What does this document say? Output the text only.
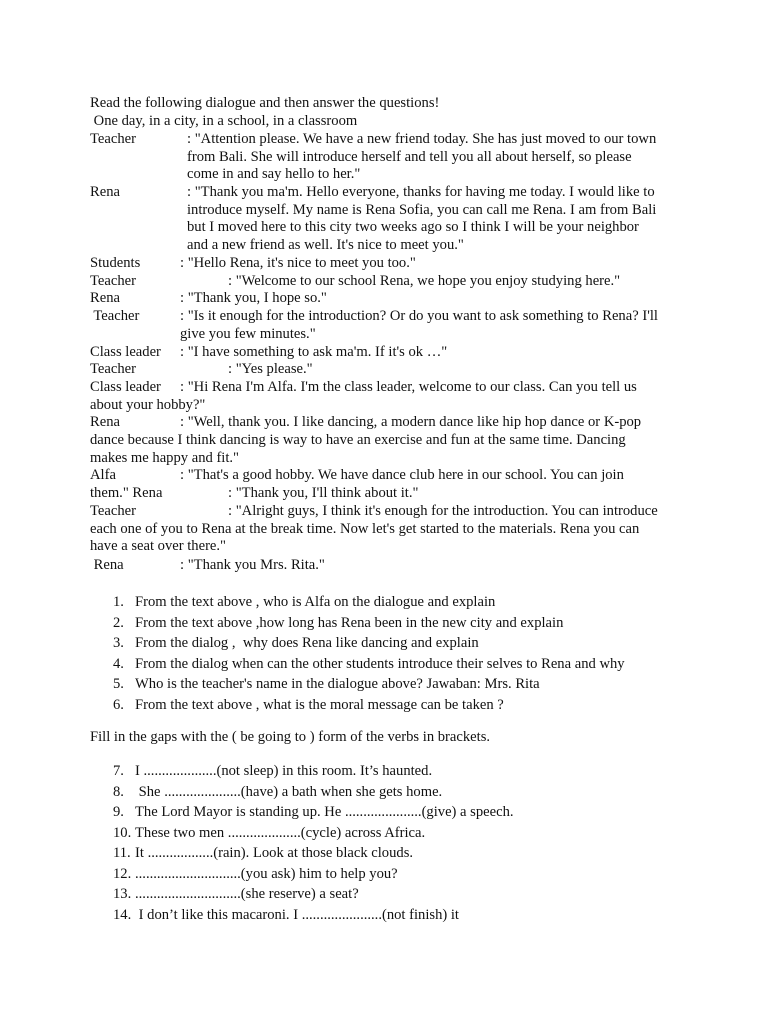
Read the following dialogue and then answer the questions!
One day, in a city, in a school, in a classroom
Teacher	: "Attention please. We have a new friend today. She has just moved to our town
from Bali. She will introduce herself and tell you all about herself, so please
come in and say hello to her."
Rena	: "Thank you ma'm. Hello everyone, thanks for having me today. I would like to
introduce myself. My name is Rena Sofia, you can call me Rena. I am from Bali
but I moved here to this city two weeks ago so I think I will be your neighbor
and a new friend as well. It's nice to meet you."
Students	: "Hello Rena, it's nice to meet you too."
Teacher	: "Welcome to our school Rena, we hope you enjoy studying here."
Rena	: "Thank you, I hope so."
Teacher	: "Is it enough for the introduction? Or do you want to ask something to Rena? I'll
give you few minutes."
Class leader : "I have something to ask ma'm. If it's ok …"
Teacher	: "Yes please."
Class leader : "Hi Rena I'm Alfa. I'm the class leader, welcome to our class. Can you tell us
about your hobby?"
Rena	: "Well, thank you. I like dancing, a modern dance like hip hop dance or K-pop
dance because I think dancing is way to have an exercise and fun at the same time. Dancing
makes me happy and fit."
Alfa	: "That's a good hobby. We have dance club here in our school. You can join
them." Rena	: "Thank you, I'll think about it."
Teacher	: "Alright guys, I think it's enough for the introduction. You can introduce
each one of you to Rena at the break time. Now let's get started to the materials. Rena you can
have a seat over there."
Rena	: "Thank you Mrs. Rita."
1. From the text above , who is Alfa on the dialogue and explain
2. From the text above ,how long has Rena been in the new city and explain
3. From the dialog ,  why does Rena like dancing and explain
4. From the dialog when can the other students introduce their selves to Rena and why
5. Who is the teacher's name in the dialogue above? Jawaban: Mrs. Rita
6. From the text above , what is the moral message can be taken ?
Fill in the gaps with the ( be going to ) form of the verbs in brackets.
7. I ....................(not sleep) in this room. It’s haunted.
8. She .....................(have) a bath when she gets home.
9. The Lord Mayor is standing up. He .....................(give) a speech.
10. These two men ....................(cycle) across Africa.
11. It ..................(rain). Look at those black clouds.
12. .............................(you ask) him to help you?
13. .............................(she reserve) a seat?
14. I don’t like this macaroni. I ......................(not finish) it
